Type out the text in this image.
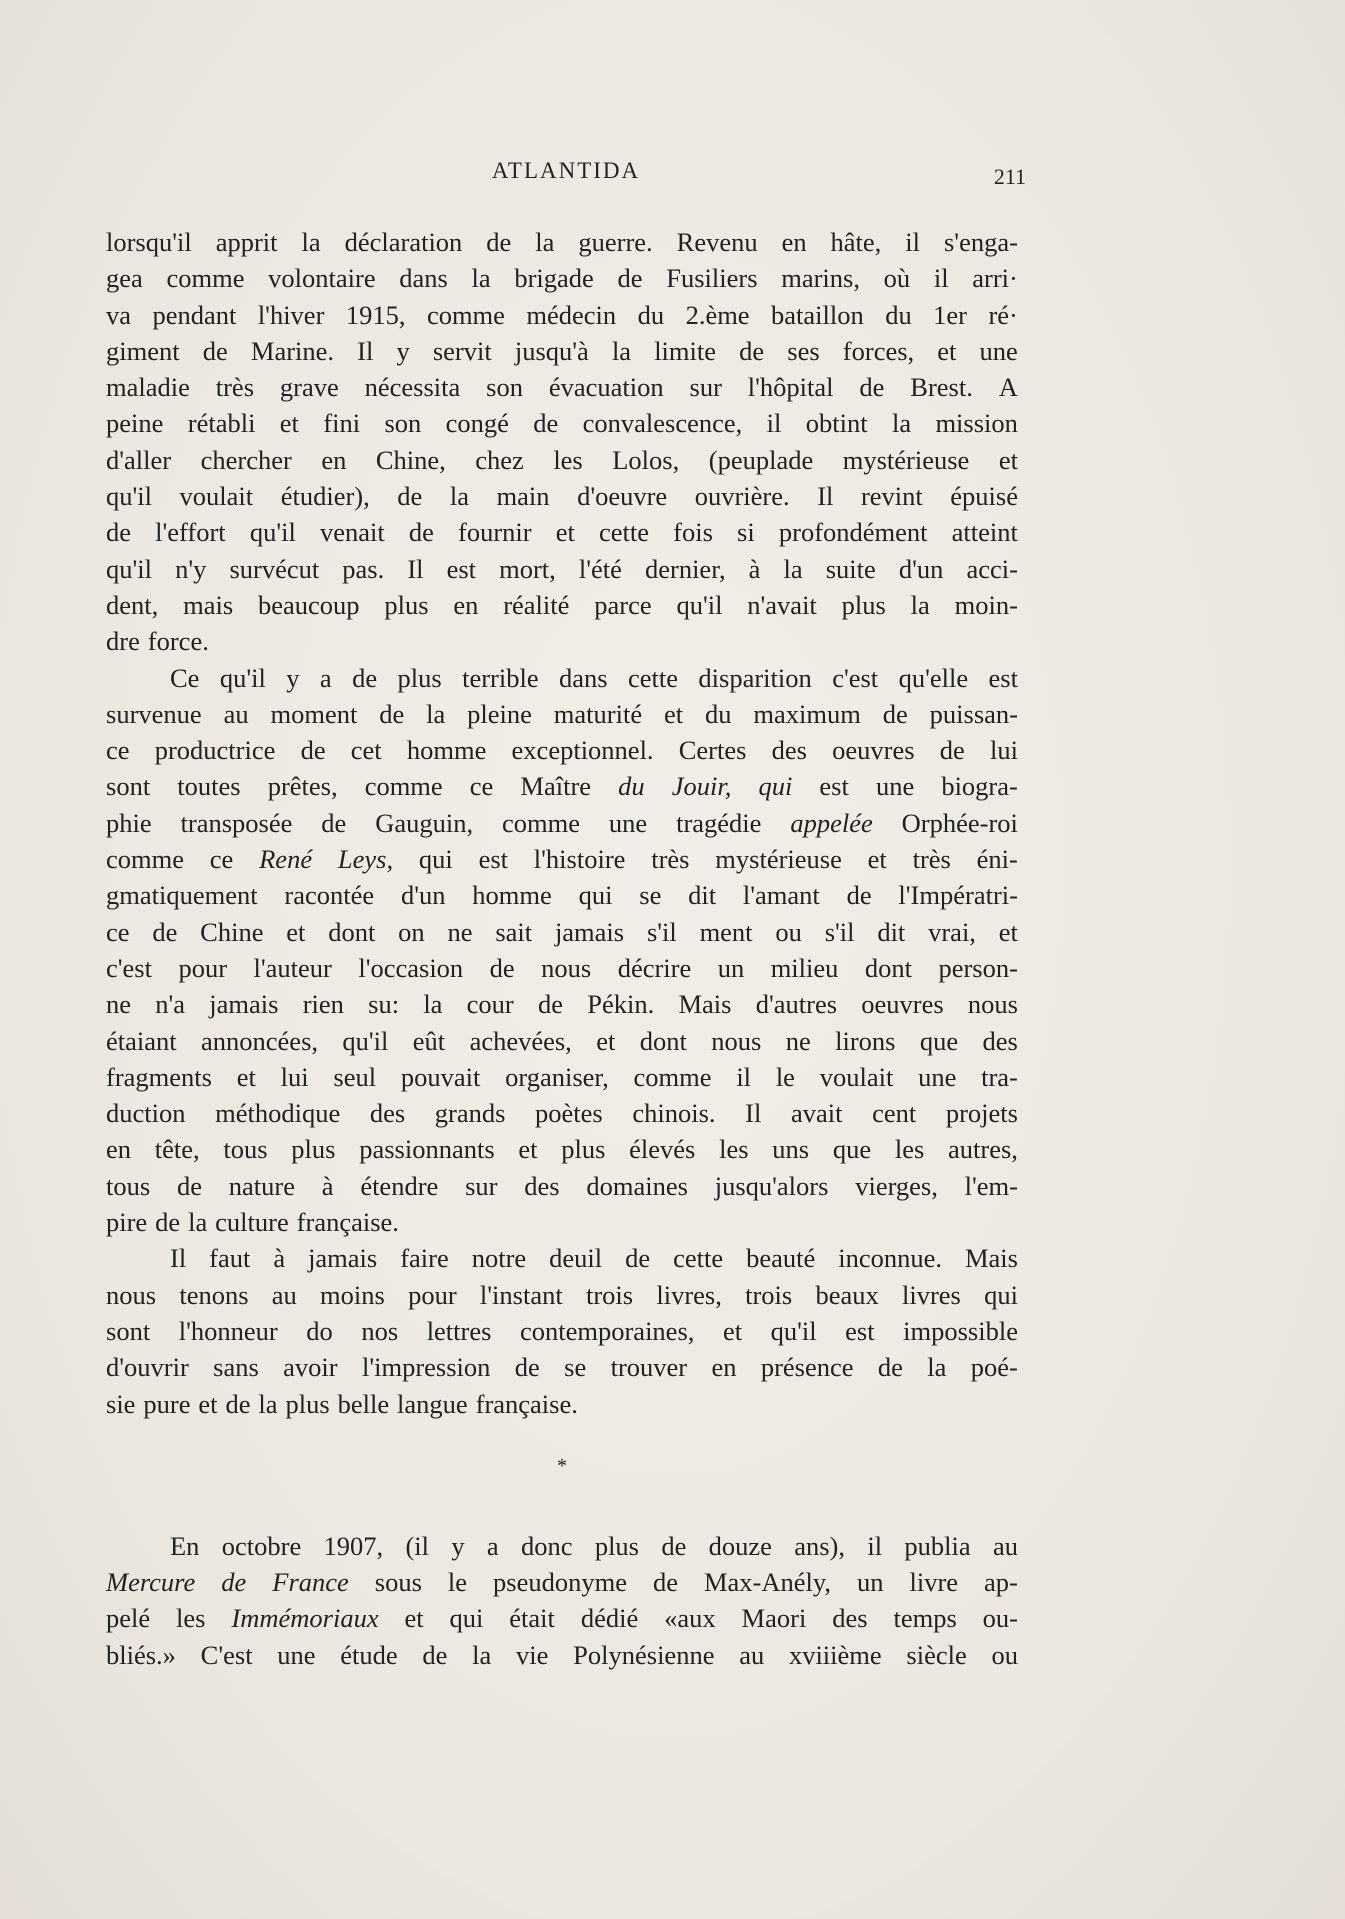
ATLANTIDA	211
lorsqu'il apprit la déclaration de la guerre. Revenu en hâte, il s'enga-
gea comme volontaire dans la brigade de Fusiliers marins, où il arri·
va pendant l'hiver 1915, comme médecin du 2.ème bataillon du 1er ré·
giment de Marine. Il y servit jusqu'à la limite de ses forces, et une
maladie très grave nécessita son évacuation sur l'hôpital de Brest. A
peine rétabli et fini son congé de convalescence, il obtint la mission
d'aller chercher en Chine, chez les Lolos, (peuplade mystérieuse et
qu'il voulait étudier), de la main d'oeuvre ouvrière. Il revint épuisé
de l'effort qu'il venait de fournir et cette fois si profondément atteint
qu'il n'y survécut pas. Il est mort, l'été dernier, à la suite d'un acci-
dent, mais beaucoup plus en réalité parce qu'il n'avait plus la moin-
dre force.
Ce qu'il y a de plus terrible dans cette disparition c'est qu'elle est
survenue au moment de la pleine maturité et du maximum de puissan-
ce productrice de cet homme exceptionnel. Certes des oeuvres de lui
sont toutes prêtes, comme ce Maître du Jouir, qui est une biogra-
phie transposée de Gauguin, comme une tragédie appelée Orphée-roi
comme ce René Leys, qui est l'histoire très mystérieuse et très éni-
gmatiquement racontée d'un homme qui se dit l'amant de l'Impératri-
ce de Chine et dont on ne sait jamais s'il ment ou s'il dit vrai, et
c'est pour l'auteur l'occasion de nous décrire un milieu dont person-
ne n'a jamais rien su: la cour de Pékin. Mais d'autres oeuvres nous
étaiant annoncées, qu'il eût achevées, et dont nous ne lirons que des
fragments et lui seul pouvait organiser, comme il le voulait une tra-
duction méthodique des grands poètes chinois. Il avait cent projets
en tête, tous plus passionnants et plus élevés les uns que les autres,
tous de nature à étendre sur des domaines jusqu'alors vierges, l'em-
pire de la culture française.
Il faut à jamais faire notre deuil de cette beauté inconnue. Mais
nous tenons au moins pour l'instant trois livres, trois beaux livres qui
sont l'honneur do nos lettres contemporaines, et qu'il est impossible
d'ouvrir sans avoir l'impression de se trouver en présence de la poé-
sie pure et de la plus belle langue française.
*
En octobre 1907, (il y a donc plus de douze ans), il publia au
Mercure de France sous le pseudonyme de Max-Anély, un livre ap-
pelé les Immémoriaux et qui était dédié «aux Maori des temps ou-
bliés.» C'est une étude de la vie Polynésienne au xviiième siècle ou
